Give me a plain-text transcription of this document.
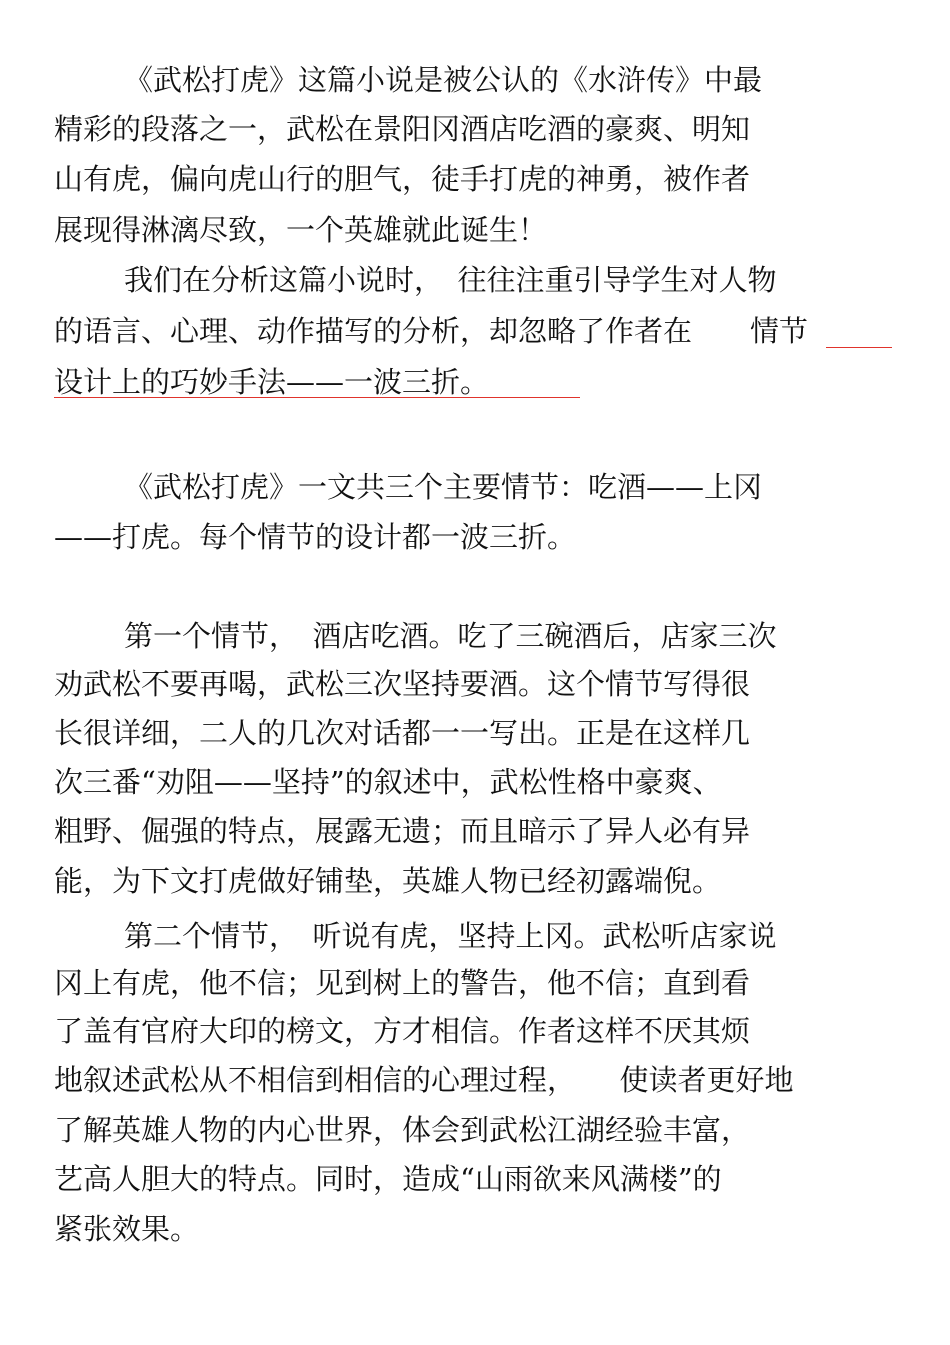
《武松打虎》这篇小说是被公认的《水浒传》中最

精彩的段落之一，武松在景阳冈酒店吃酒的豪爽、明知

山有虎，偏向虎山行的胆气，徒手打虎的神勇，被作者

展现得淋漓尽致，一个英雄就此诞生！

我们在分析这篇小说时，　往往注重引导学生对人物

的语言、心理、动作描写的分析，却忽略了作者在　　情节

设计上的巧妙手法——一波三折。

《武松打虎》一文共三个主要情节：吃酒——上冈

——打虎。每个情节的设计都一波三折。

第一个情节，　酒店吃酒。吃了三碗酒后，店家三次

劝武松不要再喝，武松三次坚持要酒。这个情节写得很

长很详细，二人的几次对话都一一写出。正是在这样几

次三番“劝阻——坚持”的叙述中，武松性格中豪爽、

粗野、倔强的特点，展露无遗；而且暗示了异人必有异

能，为下文打虎做好铺垫，英雄人物已经初露端倪。

第二个情节，　听说有虎，坚持上冈。武松听店家说

冈上有虎，他不信；见到树上的警告，他不信；直到看

了盖有官府大印的榜文，方才相信。作者这样不厌其烦

地叙述武松从不相信到相信的心理过程，　　使读者更好地

了解英雄人物的内心世界，体会到武松江湖经验丰富，

艺高人胆大的特点。同时，造成“山雨欲来风满楼”的

紧张效果。
